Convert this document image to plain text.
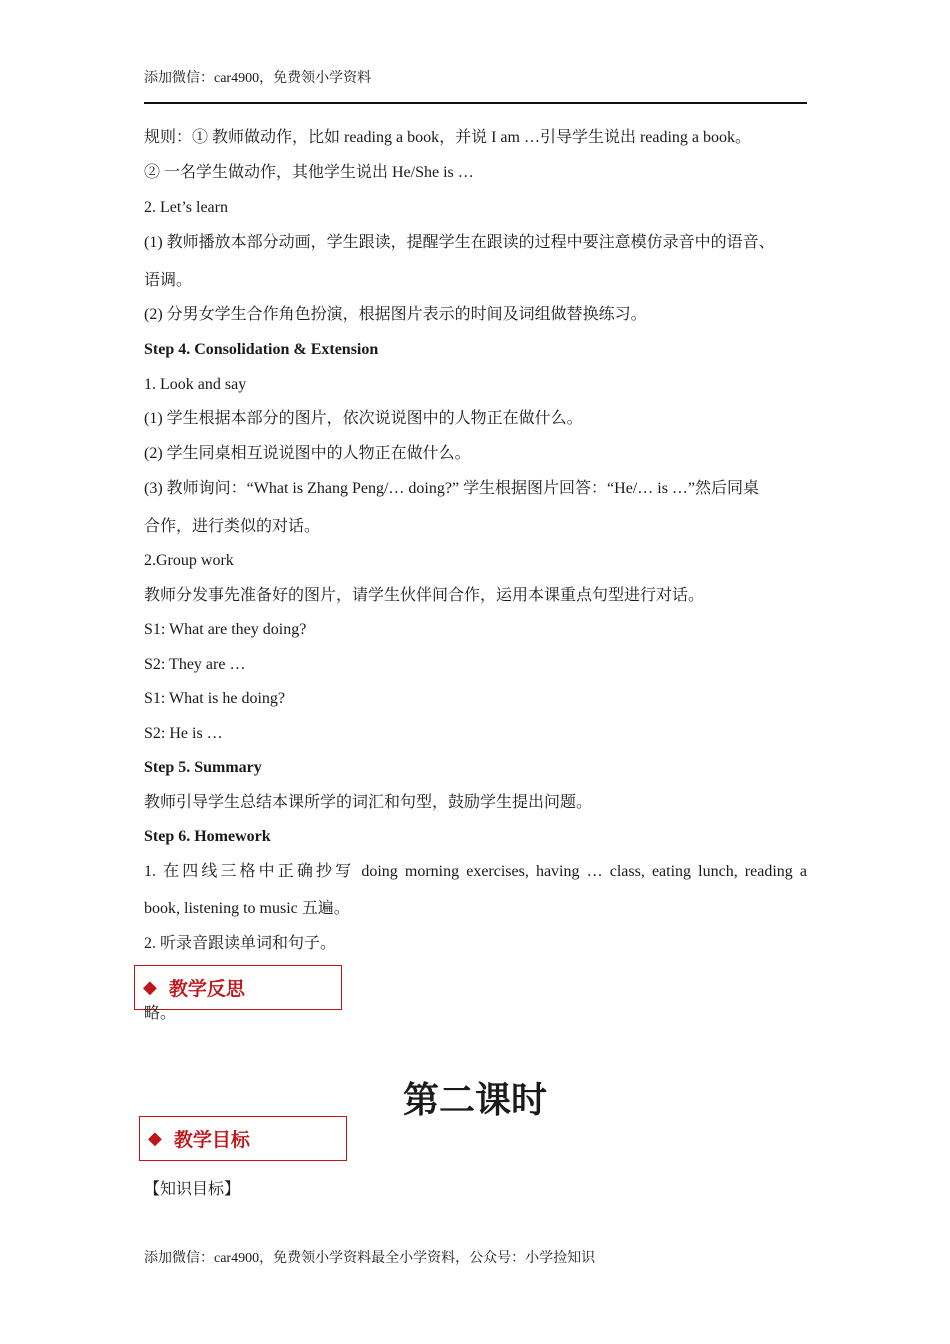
添加微信：car4900，免费领小学资料
规则：① 教师做动作，比如 reading a book，并说 I am …引导学生说出 reading a book。
② 一名学生做动作，其他学生说出 He/She is …
2. Let’s learn
(1) 教师播放本部分动画，学生跟读，提醒学生在跟读的过程中要注意模仿录音中的语音、
语调。
(2) 分男女学生合作角色扮演，根据图片表示的时间及词组做替换练习。
Step 4. Consolidation & Extension
1. Look and say
(1) 学生根据本部分的图片，依次说说图中的人物正在做什么。
(2) 学生同桌相互说说图中的人物正在做什么。
(3) 教师询问：“What is Zhang Peng/… doing?” 学生根据图片回答：“He/… is …”然后同桌
合作，进行类似的对话。
2.Group work
教师分发事先准备好的图片，请学生伙伴间合作，运用本课重点句型进行对话。
S1: What are they doing?
S2: They are …
S1: What is he doing?
S2: He is …
Step 5. Summary
教师引导学生总结本课所学的词汇和句型，鼓励学生提出问题。
Step 6. Homework
1. 在四线三格中正确抄写 doing morning exercises, having … class, eating lunch, reading a
book, listening to music 五遍。
2. 听录音跟读单词和句子。
◆ 教学反思
略。
第二课时
◆ 教学目标
【知识目标】
添加微信：car4900，免费领小学资料最全小学资料，公众号：小学捡知识
